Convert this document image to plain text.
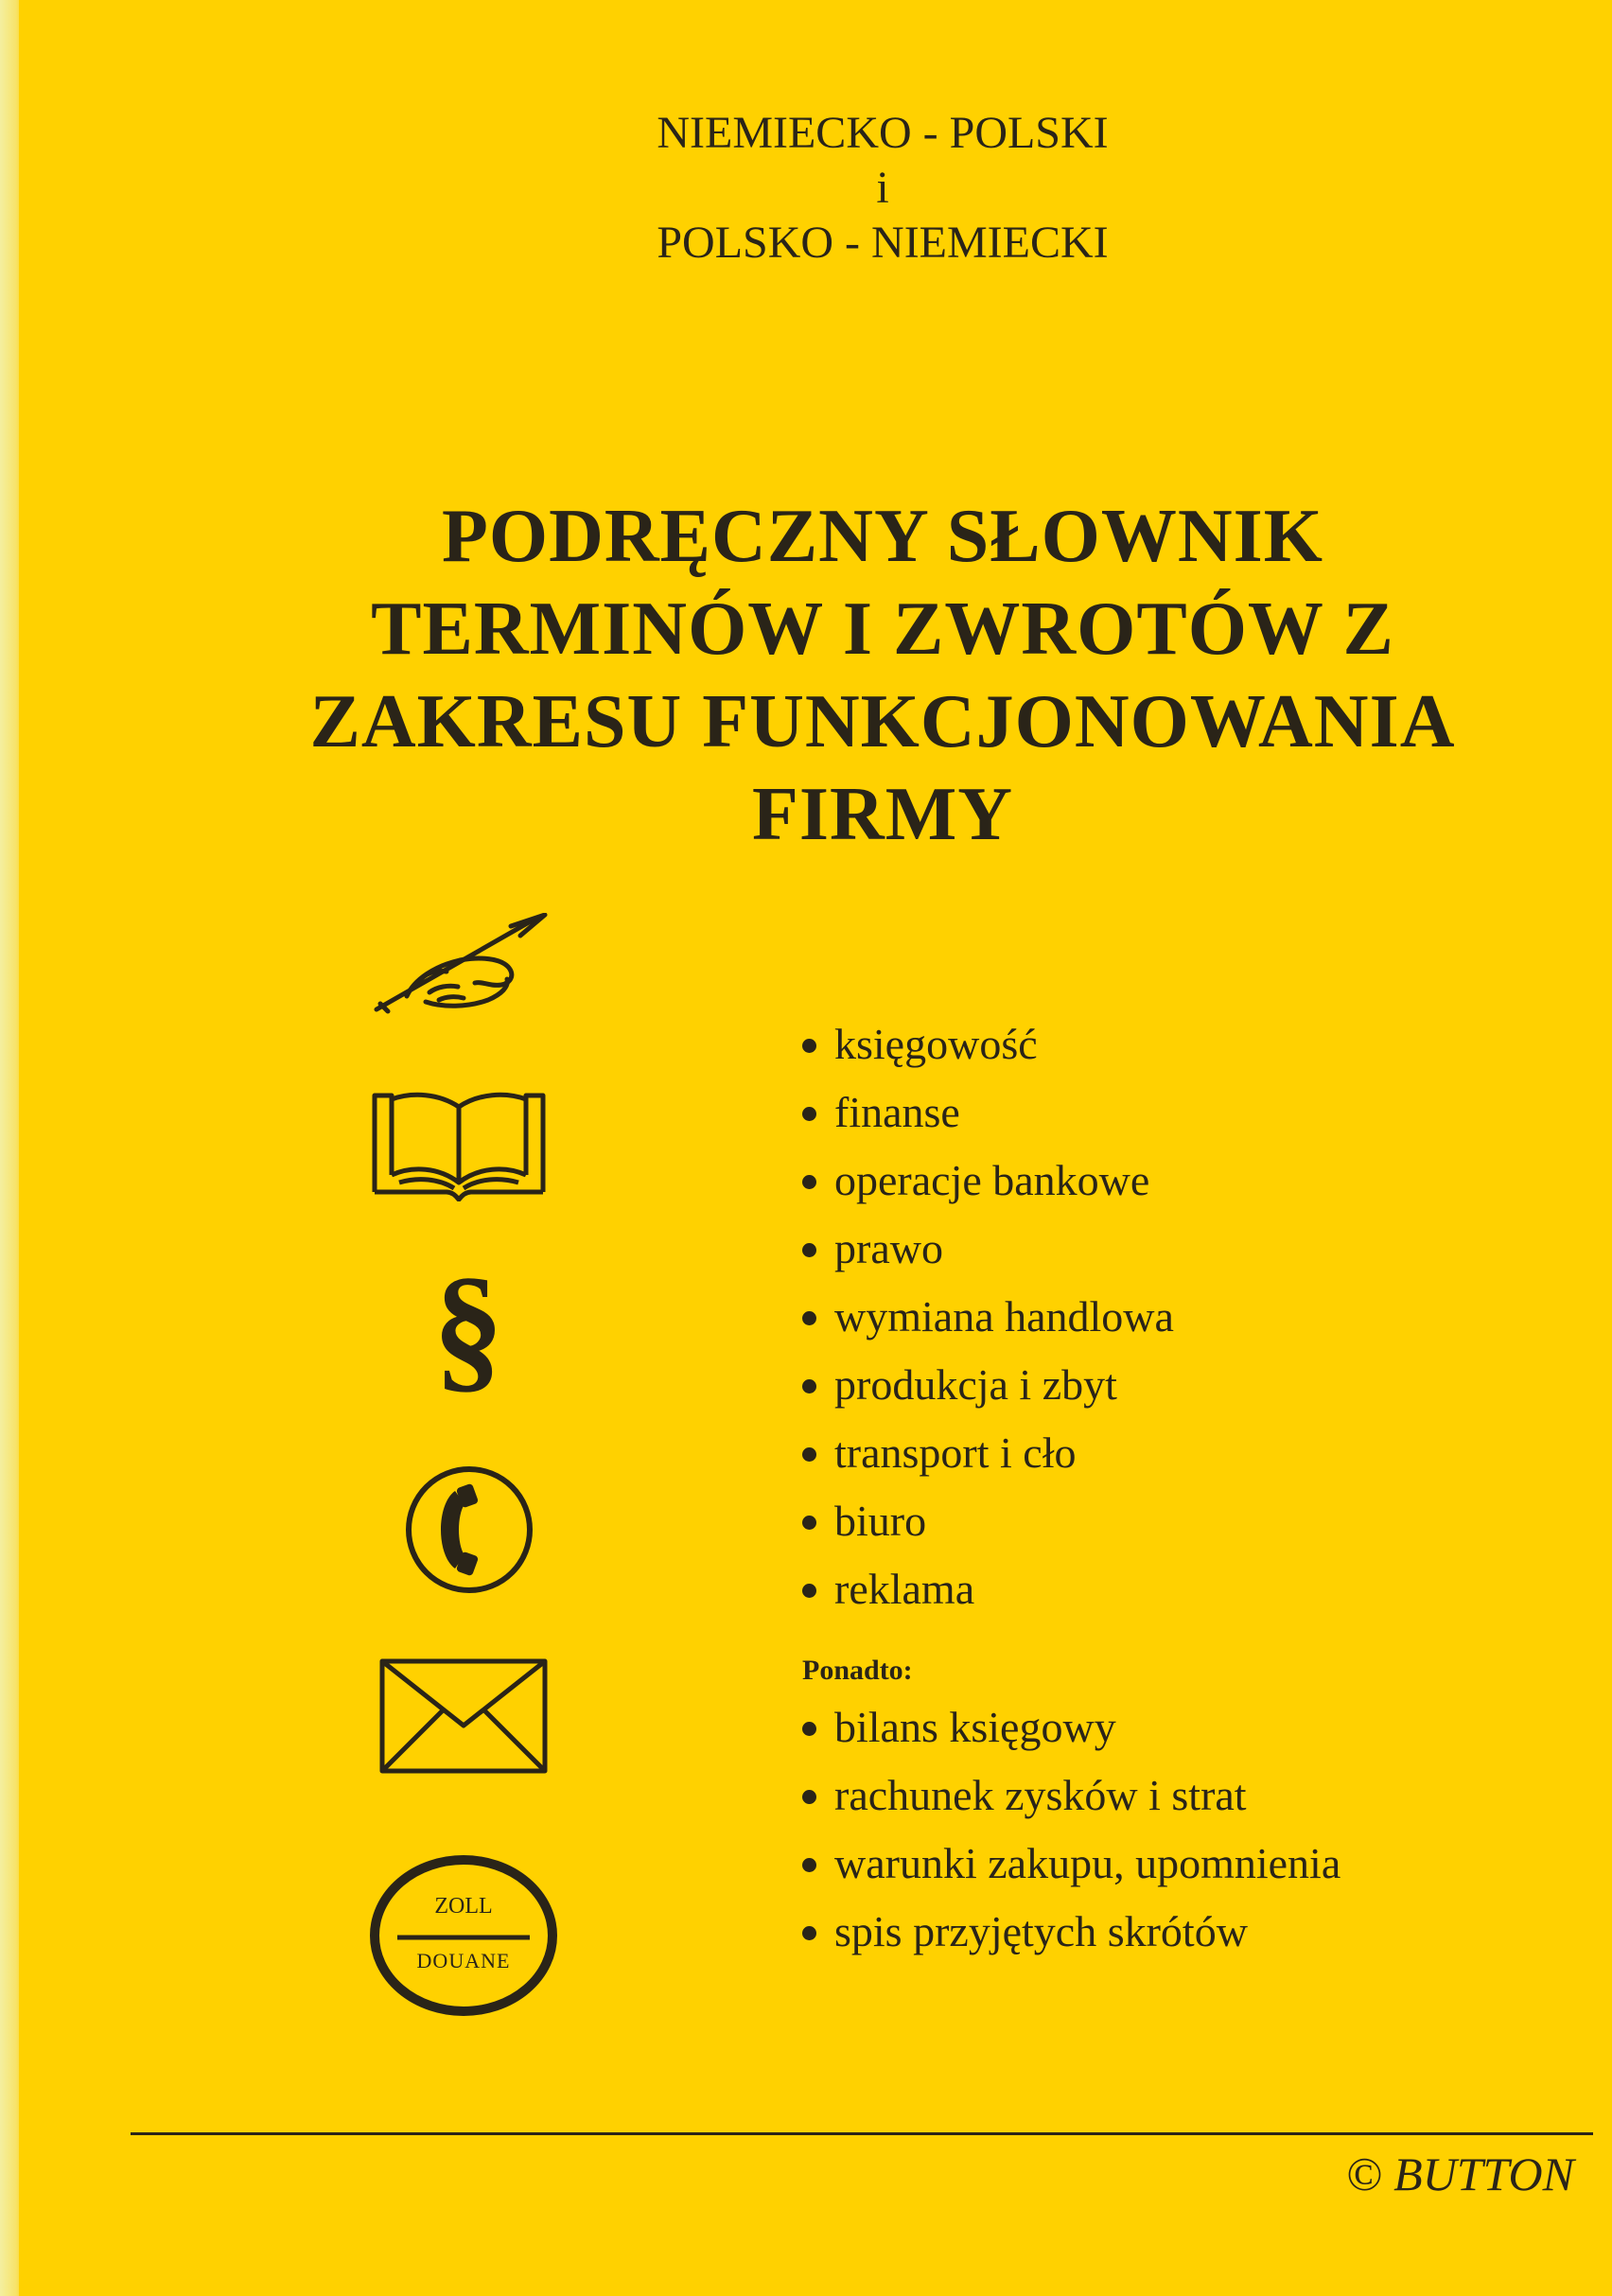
NIEMIECKO - POLSKI
i
POLSKO - NIEMIECKI
PODRĘCZNY SŁOWNIK
TERMINÓW I ZWROTÓW Z
ZAKRESU FUNKCJONOWANIA
FIRMY
§
ZOLL
DOUANE
księgowość
finanse
operacje bankowe
prawo
wymiana handlowa
produkcja i zbyt
transport i cło
biuro
reklama
Ponadto:
bilans księgowy
rachunek zysków i strat
warunki zakupu, upomnienia
spis przyjętych skrótów
© BUTTON
